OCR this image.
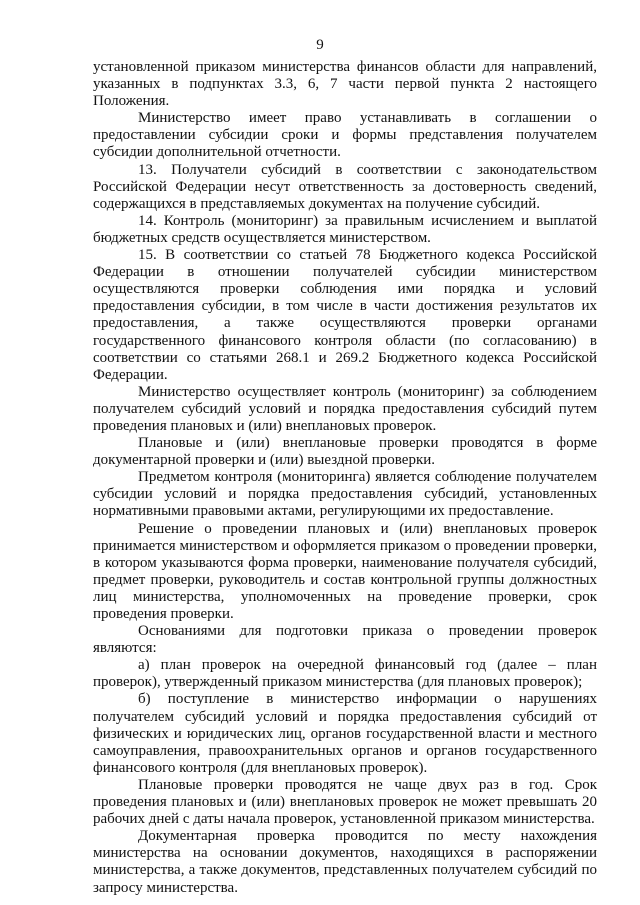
9

установленной приказом министерства финансов области для направлений, указанных в подпунктах 3.3, 6, 7 части первой пункта 2 настоящего Положения.

Министерство имеет право устанавливать в соглашении о предоставлении субсидии сроки и формы представления получателем субсидии дополнительной отчетности.

13. Получатели субсидий в соответствии с законодательством Российской Федерации несут ответственность за достоверность сведений, содержащихся в представляемых документах на получение субсидий.

14. Контроль (мониторинг) за правильным исчислением и выплатой бюджетных средств осуществляется министерством.

15. В соответствии со статьей 78 Бюджетного кодекса Российской Федерации в отношении получателей субсидии министерством осуществляются проверки соблюдения ими порядка и условий предоставления субсидии, в том числе в части достижения результатов их предоставления, а также осуществляются проверки органами государственного финансового контроля области (по согласованию) в соответствии со статьями 268.1 и 269.2 Бюджетного кодекса Российской Федерации.

Министерство осуществляет контроль (мониторинг) за соблюдением получателем субсидий условий и порядка предоставления субсидий путем проведения плановых и (или) внеплановых проверок.

Плановые и (или) внеплановые проверки проводятся в форме документарной проверки и (или) выездной проверки.

Предметом контроля (мониторинга) является соблюдение получателем субсидии условий и порядка предоставления субсидий, установленных нормативными правовыми актами, регулирующими их предоставление.

Решение о проведении плановых и (или) внеплановых проверок принимается министерством и оформляется приказом о проведении проверки, в котором указываются форма проверки, наименование получателя субсидий, предмет проверки, руководитель и состав контрольной группы должностных лиц министерства, уполномоченных на проведение проверки, срок проведения проверки.

Основаниями для подготовки приказа о проведении проверок являются:

а) план проверок на очередной финансовый год (далее – план проверок), утвержденный приказом министерства (для плановых проверок);

б) поступление в министерство информации о нарушениях получателем субсидий условий и порядка предоставления субсидий от физических и юридических лиц, органов государственной власти и местного самоуправления, правоохранительных органов и органов государственного финансового контроля (для внеплановых проверок).

Плановые проверки проводятся не чаще двух раз в год. Срок проведения плановых и (или) внеплановых проверок не может превышать 20 рабочих дней с даты начала проверок, установленной приказом министерства.

Документарная проверка проводится по месту нахождения министерства на основании документов, находящихся в распоряжении министерства, а также документов, представленных получателем субсидий по запросу министерства.
